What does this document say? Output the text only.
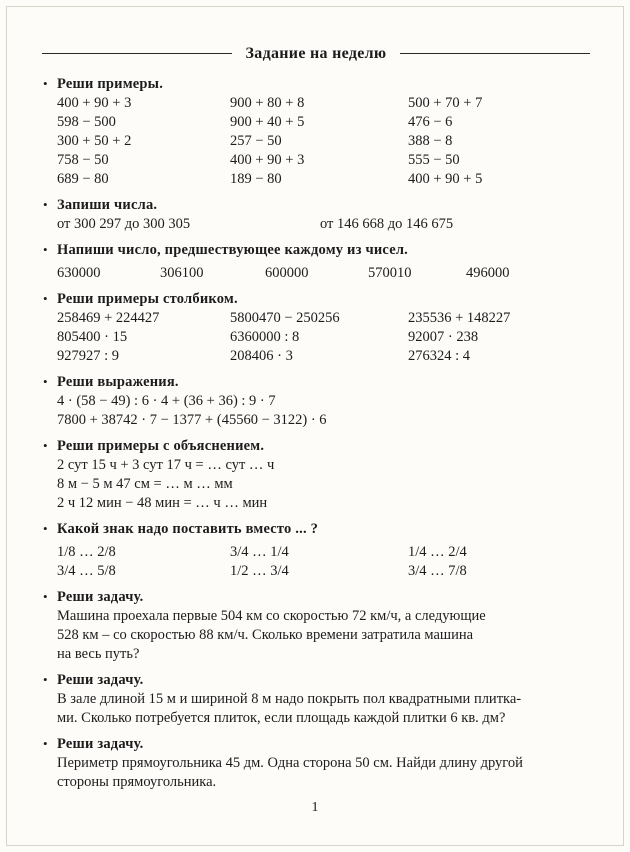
Задание на неделю
• Реши примеры.
400 + 90 + 3	900 + 80 + 8	500 + 70 + 7
598 − 500	900 + 40 + 5	476 − 6
300 + 50 + 2	257 − 50	388 − 8
758 − 50	400 + 90 + 3	555 − 50
689 − 80	189 − 80	400 + 90 + 5
• Запиши числа.
от 300 297 до 300 305	от 146 668 до 146 675
• Напиши число, предшествующее каждому из чисел.
630000	306100	600000	570010	496000
• Реши примеры столбиком.
258469 + 224427	5800470 − 250256	235536 + 148227
805400 · 15	6360000 : 8	92007 · 238
927927 : 9	208406 · 3	276324 : 4
• Реши выражения.
4 · (58 − 49) : 6 · 4 + (36 + 36) : 9 · 7
7800 + 38742 · 7 − 1377 + (45560 − 3122) · 6
• Реши примеры с объяснением.
2 сут 15 ч + 3 сут 17 ч = … сут … ч
8 м − 5 м 47 см = … м … мм
2 ч 12 мин − 48 мин = … ч … мин
• Какой знак надо поставить вместо ... ?
1/8 … 2/8	3/4 … 1/4	1/4 … 2/4
3/4 … 5/8	1/2 … 3/4	3/4 … 7/8
• Реши задачу.
Машина проехала первые 504 км со скоростью 72 км/ч, а следующие
528 км – со скоростью 88 км/ч. Сколько времени затратила машина
на весь путь?
• Реши задачу.
В зале длиной 15 м и шириной 8 м надо покрыть пол квадратными плитка-
ми. Сколько потребуется плиток, если площадь каждой плитки 6 кв. дм?
• Реши задачу.
Периметр прямоугольника 45 дм. Одна сторона 50 см. Найди длину другой
стороны прямоугольника.
1
